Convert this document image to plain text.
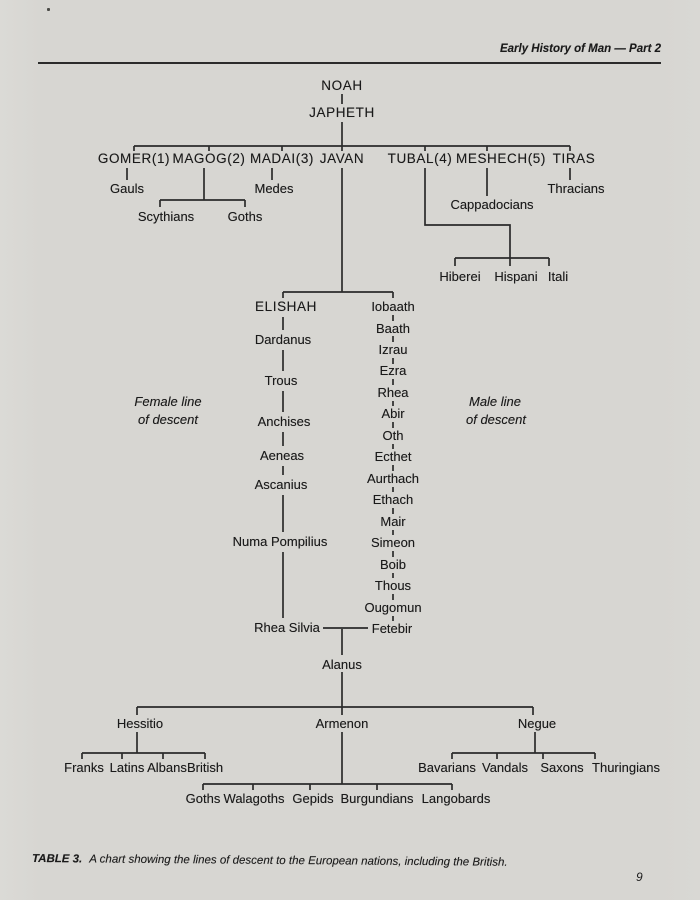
Early History of Man — Part 2
NOAH
JAPHETH
GOMER(1) MAGOG(2) MADAI(3) JAVAN TUBAL(4) MESHECH(5) TIRAS
Gauls
Scythians	Goths
Medes
Cappadocians
Thracians
Hiberei Hispani Itali
ELISHAH
Dardanus
Trous
Anchises
Aeneas
Ascanius
Numa Pompilius
Rhea Silvia
Iobaath
Baath
Izrau
Ezra
Rhea
Abir
Oth
Ecthet
Aurthach
Ethach
Mair
Simeon
Boib
Thous
Ougomun
Fetebir
Female line
of descent
Male line
of descent
Alanus
Hessitio	Armenon	Negue
Franks Latins Albans British
Goths Walagoths Gepids Burgundians Langobards
Bavarians Vandals Saxons Thuringians
TABLE 3. A chart showing the lines of descent to the European nations, including the British.
9
